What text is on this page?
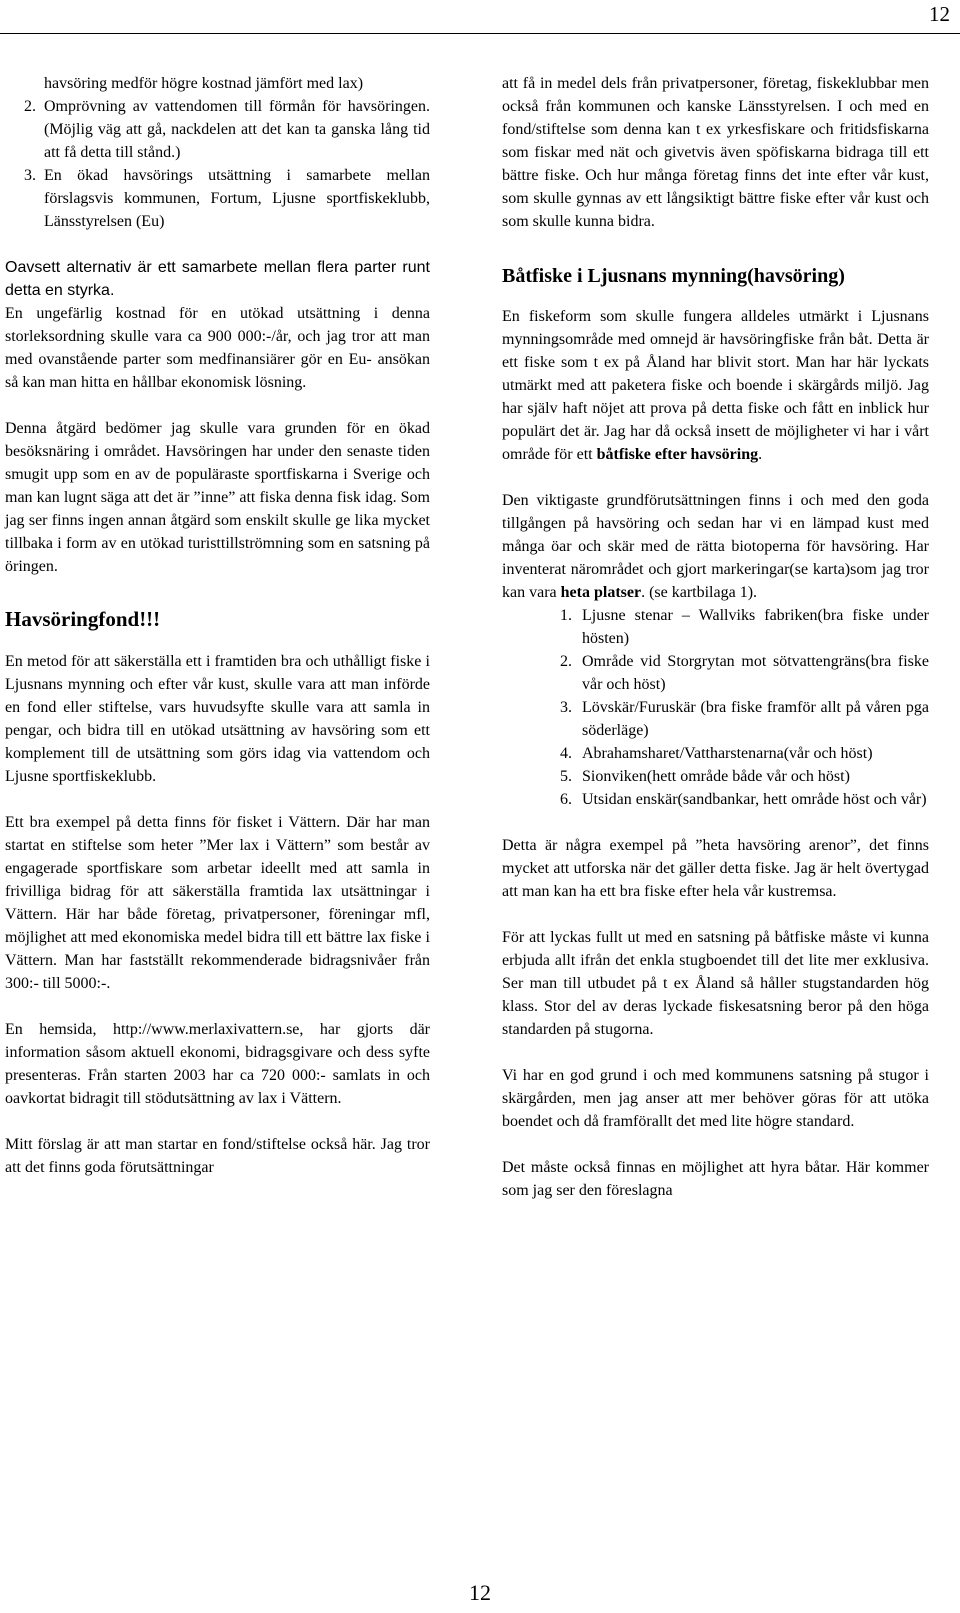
12
havsöring medför högre kostnad jämfört med lax)
2. Omprövning av vattendomen till förmån för havsöringen.(Möjlig väg att gå, nackdelen att det kan ta ganska lång tid att få detta till stånd.)
3. En ökad havsörings utsättning i samarbete mellan förslagsvis kommunen, Fortum, Ljusne sportfiskeklubb, Länsstyrelsen (Eu)

Oavsett alternativ är ett samarbete mellan flera parter runt detta en styrka.

En ungefärlig kostnad för en utökad utsättning i denna storleksordning skulle vara ca 900 000:-/år, och jag tror att man med ovanstående parter som medfinansiärer gör en Eu- ansökan så kan man hitta en hållbar ekonomisk lösning.

Denna åtgärd bedömer jag skulle vara grunden för en ökad besöksnäring i området. Havsöringen har under den senaste tiden smugit upp som en av de populäraste sportfiskarna i Sverige och man kan lugnt säga att det är ”inne” att fiska denna fisk idag. Som jag ser finns ingen annan åtgärd som enskilt skulle ge lika mycket tillbaka i form av en utökad turisttillströmning som en satsning på öringen.

Havsöringfond!!!

En metod för att säkerställa ett i framtiden bra och uthålligt fiske i Ljusnans mynning och efter vår kust, skulle vara att man införde en fond eller stiftelse, vars huvudsyfte skulle vara att samla in pengar, och bidra till en utökad utsättning av havsöring som ett komplement till de utsättning som görs idag via vattendom och Ljusne sportfiskeklubb.

Ett bra exempel på detta finns för fisket i Vättern. Där har man startat en stiftelse som heter ”Mer lax i Vättern” som består av engagerade sportfiskare som arbetar ideellt med att samla in frivilliga bidrag för att säkerställa framtida lax utsättningar i Vättern. Här har både företag, privatpersoner, föreningar mfl, möjlighet att med ekonomiska medel bidra till ett bättre lax fiske i Vättern. Man har fastställt rekommenderade bidragsnivåer från 300:- till 5000:-.

En hemsida, http://www.merlaxivattern.se, har gjorts där information såsom aktuell ekonomi, bidragsgivare och dess syfte presenteras. Från starten 2003 har ca 720 000:- samlats in och oavkortat bidragit till stödutsättning av lax i Vättern.

Mitt förslag är att man startar en fond/stiftelse också här. Jag tror att det finns goda förutsättningar

att få in medel dels från privatpersoner, företag, fiskeklubbar men också från kommunen och kanske Länsstyrelsen. I och med en fond/stiftelse som denna kan t ex yrkesfiskare och fritidsfiskarna som fiskar med nät och givetvis även spöfiskarna bidraga till ett bättre fiske. Och hur många företag finns det inte efter vår kust, som skulle gynnas av ett långsiktigt bättre fiske efter vår kust och som skulle kunna bidra.

Båtfiske i Ljusnans mynning(havsöring)

En fiskeform som skulle fungera alldeles utmärkt i Ljusnans mynningsområde med omnejd är havsöringfiske från båt. Detta är ett fiske som t ex på Åland har blivit stort. Man har här lyckats utmärkt med att paketera fiske och boende i skärgårds miljö. Jag har själv haft nöjet att prova på detta fiske och fått en inblick hur populärt det är. Jag har då också insett de möjligheter vi har i vårt område för ett båtfiske efter havsöring.

Den viktigaste grundförutsättningen finns i och med den goda tillgången på havsöring och sedan har vi en lämpad kust med många öar och skär med de rätta biotoperna för havsöring. Har inventerat närområdet och gjort markeringar(se karta)som jag tror kan vara heta platser. (se kartbilaga 1).

1. Ljusne stenar – Wallviks fabriken(bra fiske under hösten)
2. Område vid Storgrytan mot sötvattengräns(bra fiske vår och höst)
3. Lövskär/Furuskär (bra fiske framför allt på våren pga söderläge)
4. Abrahamsharet/Vattharstenarna(vår och höst)
5. Sionviken(hett område både vår och höst)
6. Utsidan enskär(sandbankar, hett område höst och vår)

Detta är några exempel på ”heta havsöring arenor”, det finns mycket att utforska när det gäller detta fiske. Jag är helt övertygad att man kan ha ett bra fiske efter hela vår kustremsa.

För att lyckas fullt ut med en satsning på båtfiske måste vi kunna erbjuda allt ifrån det enkla stugboendet till det lite mer exklusiva. Ser man till utbudet på t ex Åland så håller stugstandarden hög klass. Stor del av deras lyckade fiskesatsning beror på den höga standarden på stugorna.

Vi har en god grund i och med kommunens satsning på stugor i skärgården, men jag anser att mer behöver göras för att utöka boendet och då framförallt det med lite högre standard.

Det måste också finnas en möjlighet att hyra båtar. Här kommer som jag ser den föreslagna

12
